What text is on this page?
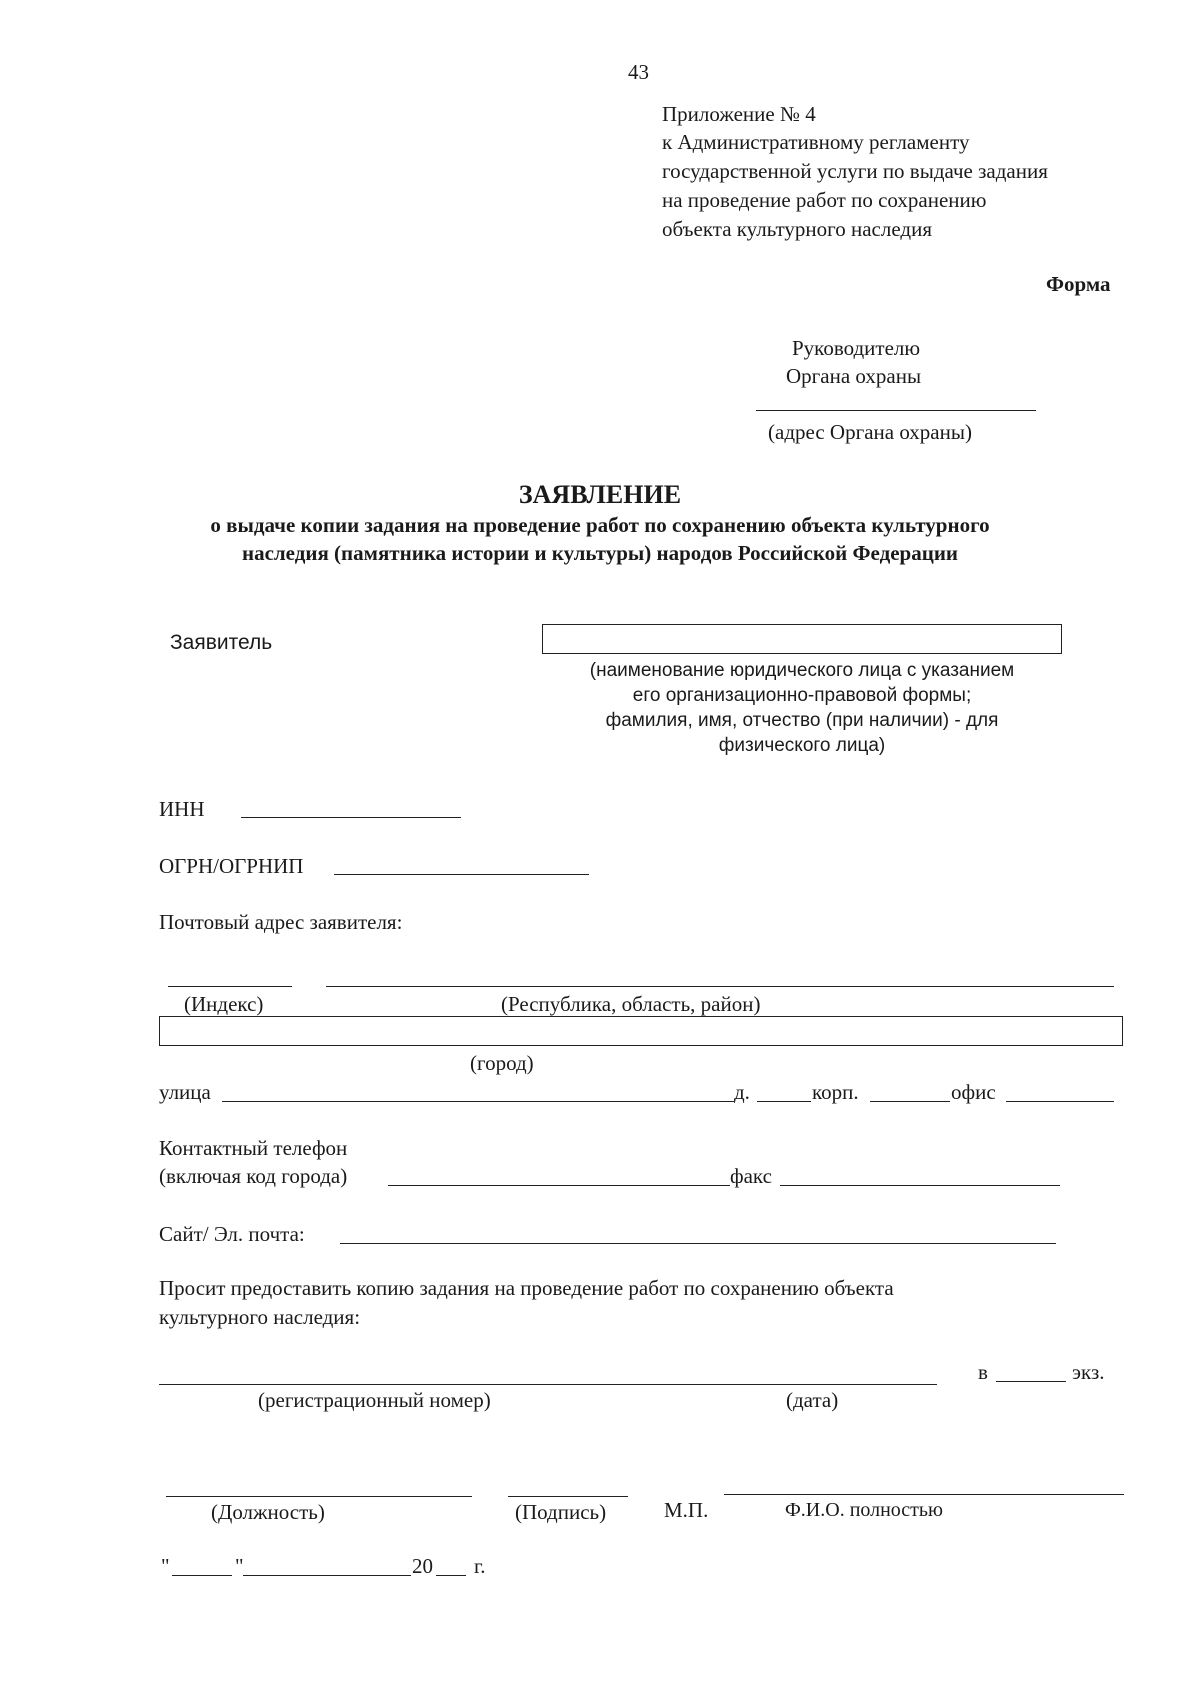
43
Приложение № 4
к Административному регламенту
государственной услуги по выдаче задания
на проведение работ по сохранению
объекта культурного наследия
Форма
Руководителю
Органа охраны
(адрес Органа охраны)
ЗАЯВЛЕНИЕ
о выдаче копии задания на проведение работ по сохранению объекта культурного
наследия (памятника истории и культуры) народов Российской Федерации
Заявитель
(наименование юридического лица с указанием
его организационно-правовой формы;
фамилия, имя, отчество (при наличии) - для
физического лица)
ИНН
ОГРН/ОГРНИП
Почтовый адрес заявителя:
(Индекс)	(Республика, область, район)
(город)
улица	д.	корп.	офис
Контактный телефон
(включая код города)	факс
Сайт/ Эл. почта:
Просит предоставить копию задания на проведение работ по сохранению объекта
культурного наследия:
в	экз.
(регистрационный номер)	(дата)
(Должность)	(Подпись)	М.П.	Ф.И.О. полностью
"	"	20 г.
